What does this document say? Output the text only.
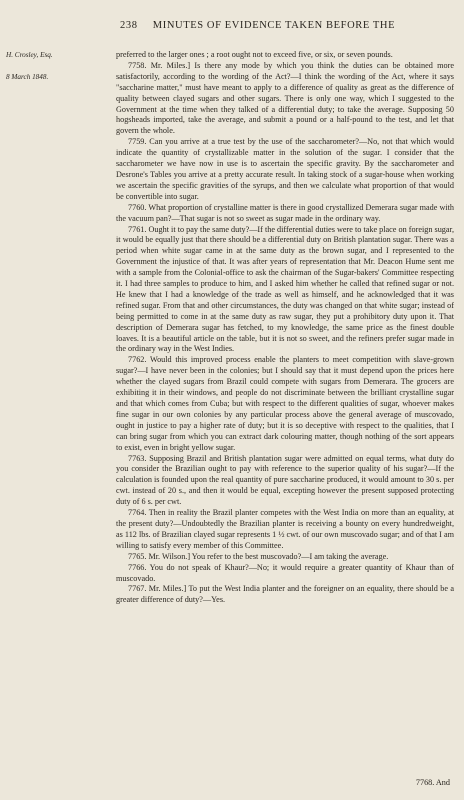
238 MINUTES OF EVIDENCE TAKEN BEFORE THE
H. Crosley, Esq.
8 March 1848.

preferred to the larger ones ; a root ought not to exceed five, or six, or seven pounds.

7758. Mr. Miles.] Is there any mode by which you think the duties can be obtained more satisfactorily, according to the wording of the Act?—I think the wording of the Act, where it says "saccharine matter," must have meant to apply to a difference of quality as great as the difference of quality between clayed sugars and other sugars. There is only one way, which I suggested to the Government at the time when they talked of a differential duty; to take the average. Supposing 50 hogsheads imported, take the average, and submit a pound or a half-pound to the test, and let that govern the whole.

7759. Can you arrive at a true test by the use of the saccharometer?—No, not that which would indicate the quantity of crystallizable matter in the solution of the sugar. I consider that the saccharometer we have now in use is to ascertain the specific gravity. By the saccharometer and Desrone's Tables you arrive at a pretty accurate result. In taking stock of a sugar-house when working we ascertain the specific gravities of the syrups, and then we calculate what proportion of that would be convertible into sugar.

7760. What proportion of crystalline matter is there in good crystallized Demerara sugar made with the vacuum pan?—That sugar is not so sweet as sugar made in the ordinary way.

7761. Ought it to pay the same duty?—If the differential duties were to take place on foreign sugar, it would be equally just that there should be a differential duty on British plantation sugar. There was a period when white sugar came in at the same duty as the brown sugar, and I represented to the Government the injustice of that. It was after years of representation that Mr. Deacon Hume sent me with a sample from the Colonial-office to ask the chairman of the Sugar-bakers' Committee respecting it. I had three samples to produce to him, and I asked him whether he called that refined sugar or not. He knew that I had a knowledge of the trade as well as himself, and he acknowledged that it was refined sugar. From that and other circumstances, the duty was changed on that white sugar; instead of being permitted to come in at the same duty as raw sugar, they put a prohibitory duty upon it. That description of Demerara sugar has fetched, to my knowledge, the same price as the finest double loaves. It is a beautiful article on the table, but it is not so sweet, and the refiners prefer sugar made in the ordinary way in the West Indies.

7762. Would this improved process enable the planters to meet competition with slave-grown sugar?—I have never been in the colonies; but I should say that it must depend upon the prices here whether the clayed sugars from Brazil could compete with sugars from Demerara. The grocers are exhibiting it in their windows, and people do not discriminate between the brilliant crystalline sugar and that which comes from Cuba; but with respect to the different qualities of sugar, whoever makes fine sugar in our own colonies by any particular process above the general average of muscovado, ought in justice to pay a higher rate of duty; but it is so deceptive with respect to the qualities, that I can bring sugar from which you can extract dark colouring matter, though nothing of the sort appears to exist, even in bright yellow sugar.

7763. Supposing Brazil and British plantation sugar were admitted on equal terms, what duty do you consider the Brazilian ought to pay with reference to the superior quality of his sugar?—If the calculation is founded upon the real quantity of pure saccharine produced, it would amount to 30 s. per cwt. instead of 20 s., and then it would be equal, excepting however the present supposed protecting duty of 6 s. per cwt.

7764. Then in reality the Brazil planter competes with the West India on more than an equality, at the present duty?—Undoubtedly the Brazilian planter is receiving a bounty on every hundredweight, as 112 lbs. of Brazilian clayed sugar represents 1 ½ cwt. of our own muscovado sugar; and of that I am willing to satisfy every member of this Committee.

7765. Mr. Wilson.] You refer to the best muscovado?—I am taking the average.

7766. You do not speak of Khaur?—No; it would require a greater quantity of Khaur than of muscovado.

7767. Mr. Miles.] To put the West India planter and the foreigner on an equality, there should be a greater difference of duty?—Yes.

7768. And
